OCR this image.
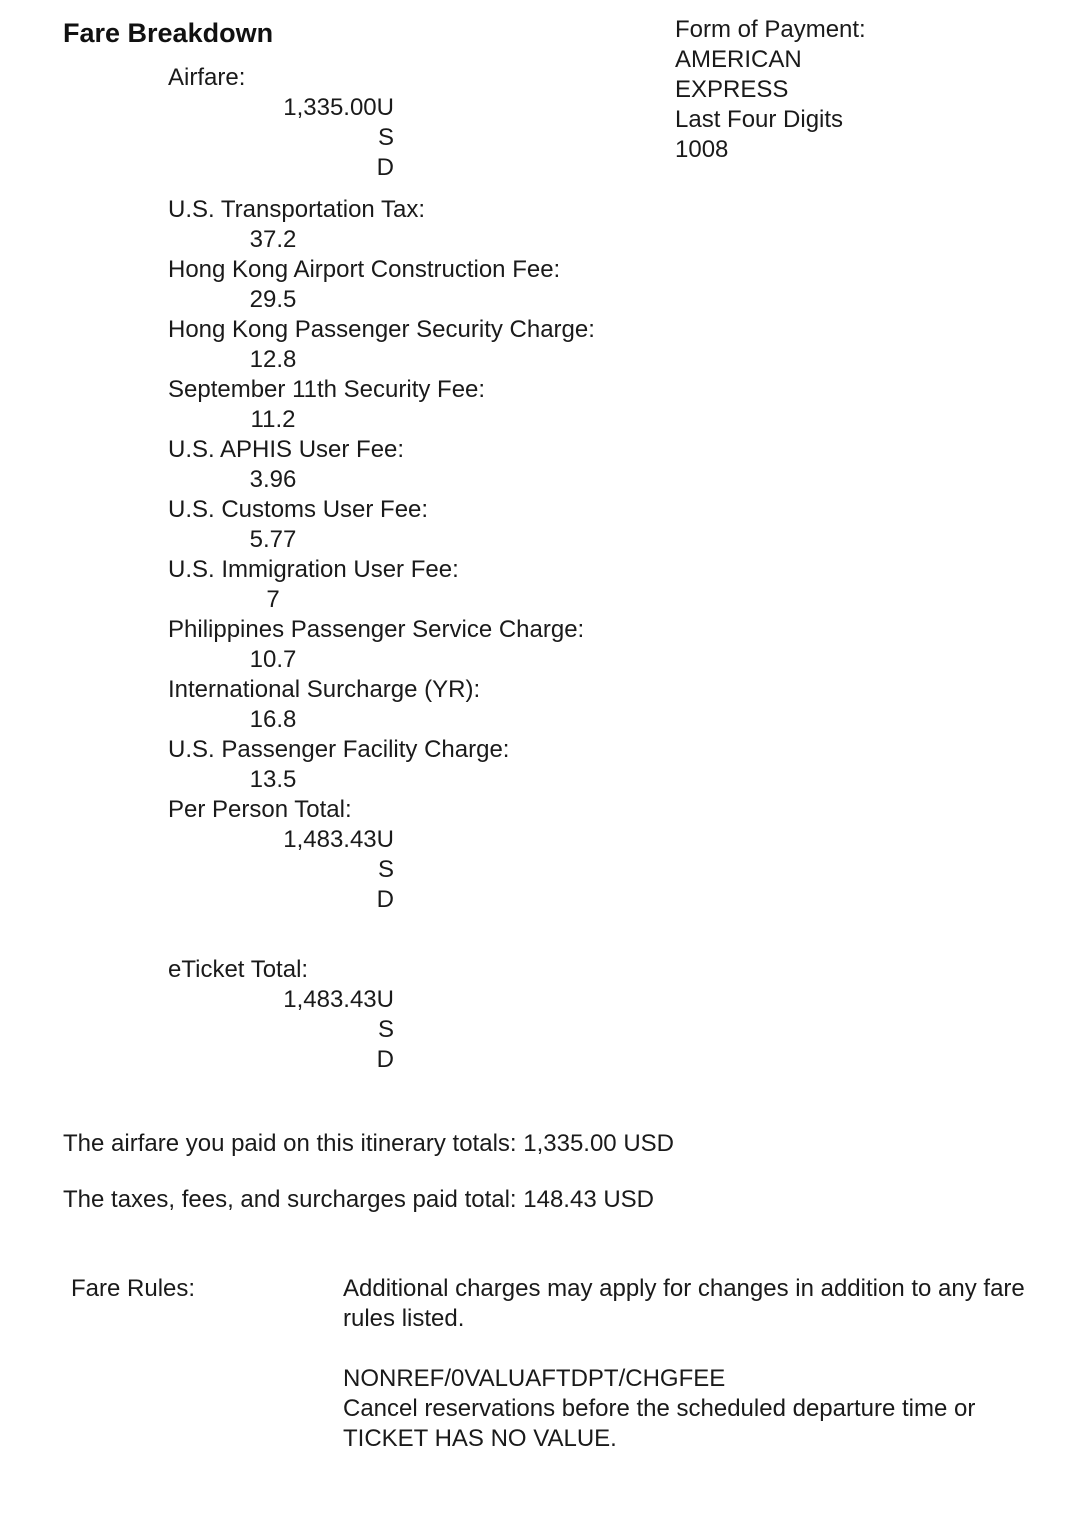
Fare Breakdown	Form of Payment:
AMERICAN
EXPRESS
Last Four Digits
1008
Airfare:
1,335.00U
S
D
U.S. Transportation Tax:
37.2
Hong Kong Airport Construction Fee:
29.5
Hong Kong Passenger Security Charge:
12.8
September 11th Security Fee:
11.2
U.S. APHIS User Fee:
3.96
U.S. Customs User Fee:
5.77
U.S. Immigration User Fee:
7
Philippines Passenger Service Charge:
10.7
International Surcharge (YR):
16.8
U.S. Passenger Facility Charge:
13.5
Per Person Total:
1,483.43U
S
D
eTicket Total:
1,483.43U
S
D
The airfare you paid on this itinerary totals: 1,335.00 USD
The taxes, fees, and surcharges paid total: 148.43 USD
Fare Rules:	Additional charges may apply for changes in addition to any fare rules listed.

NONREF/0VALUAFTDPT/CHGFEE

Cancel reservations before the scheduled departure time or TICKET HAS NO VALUE.
